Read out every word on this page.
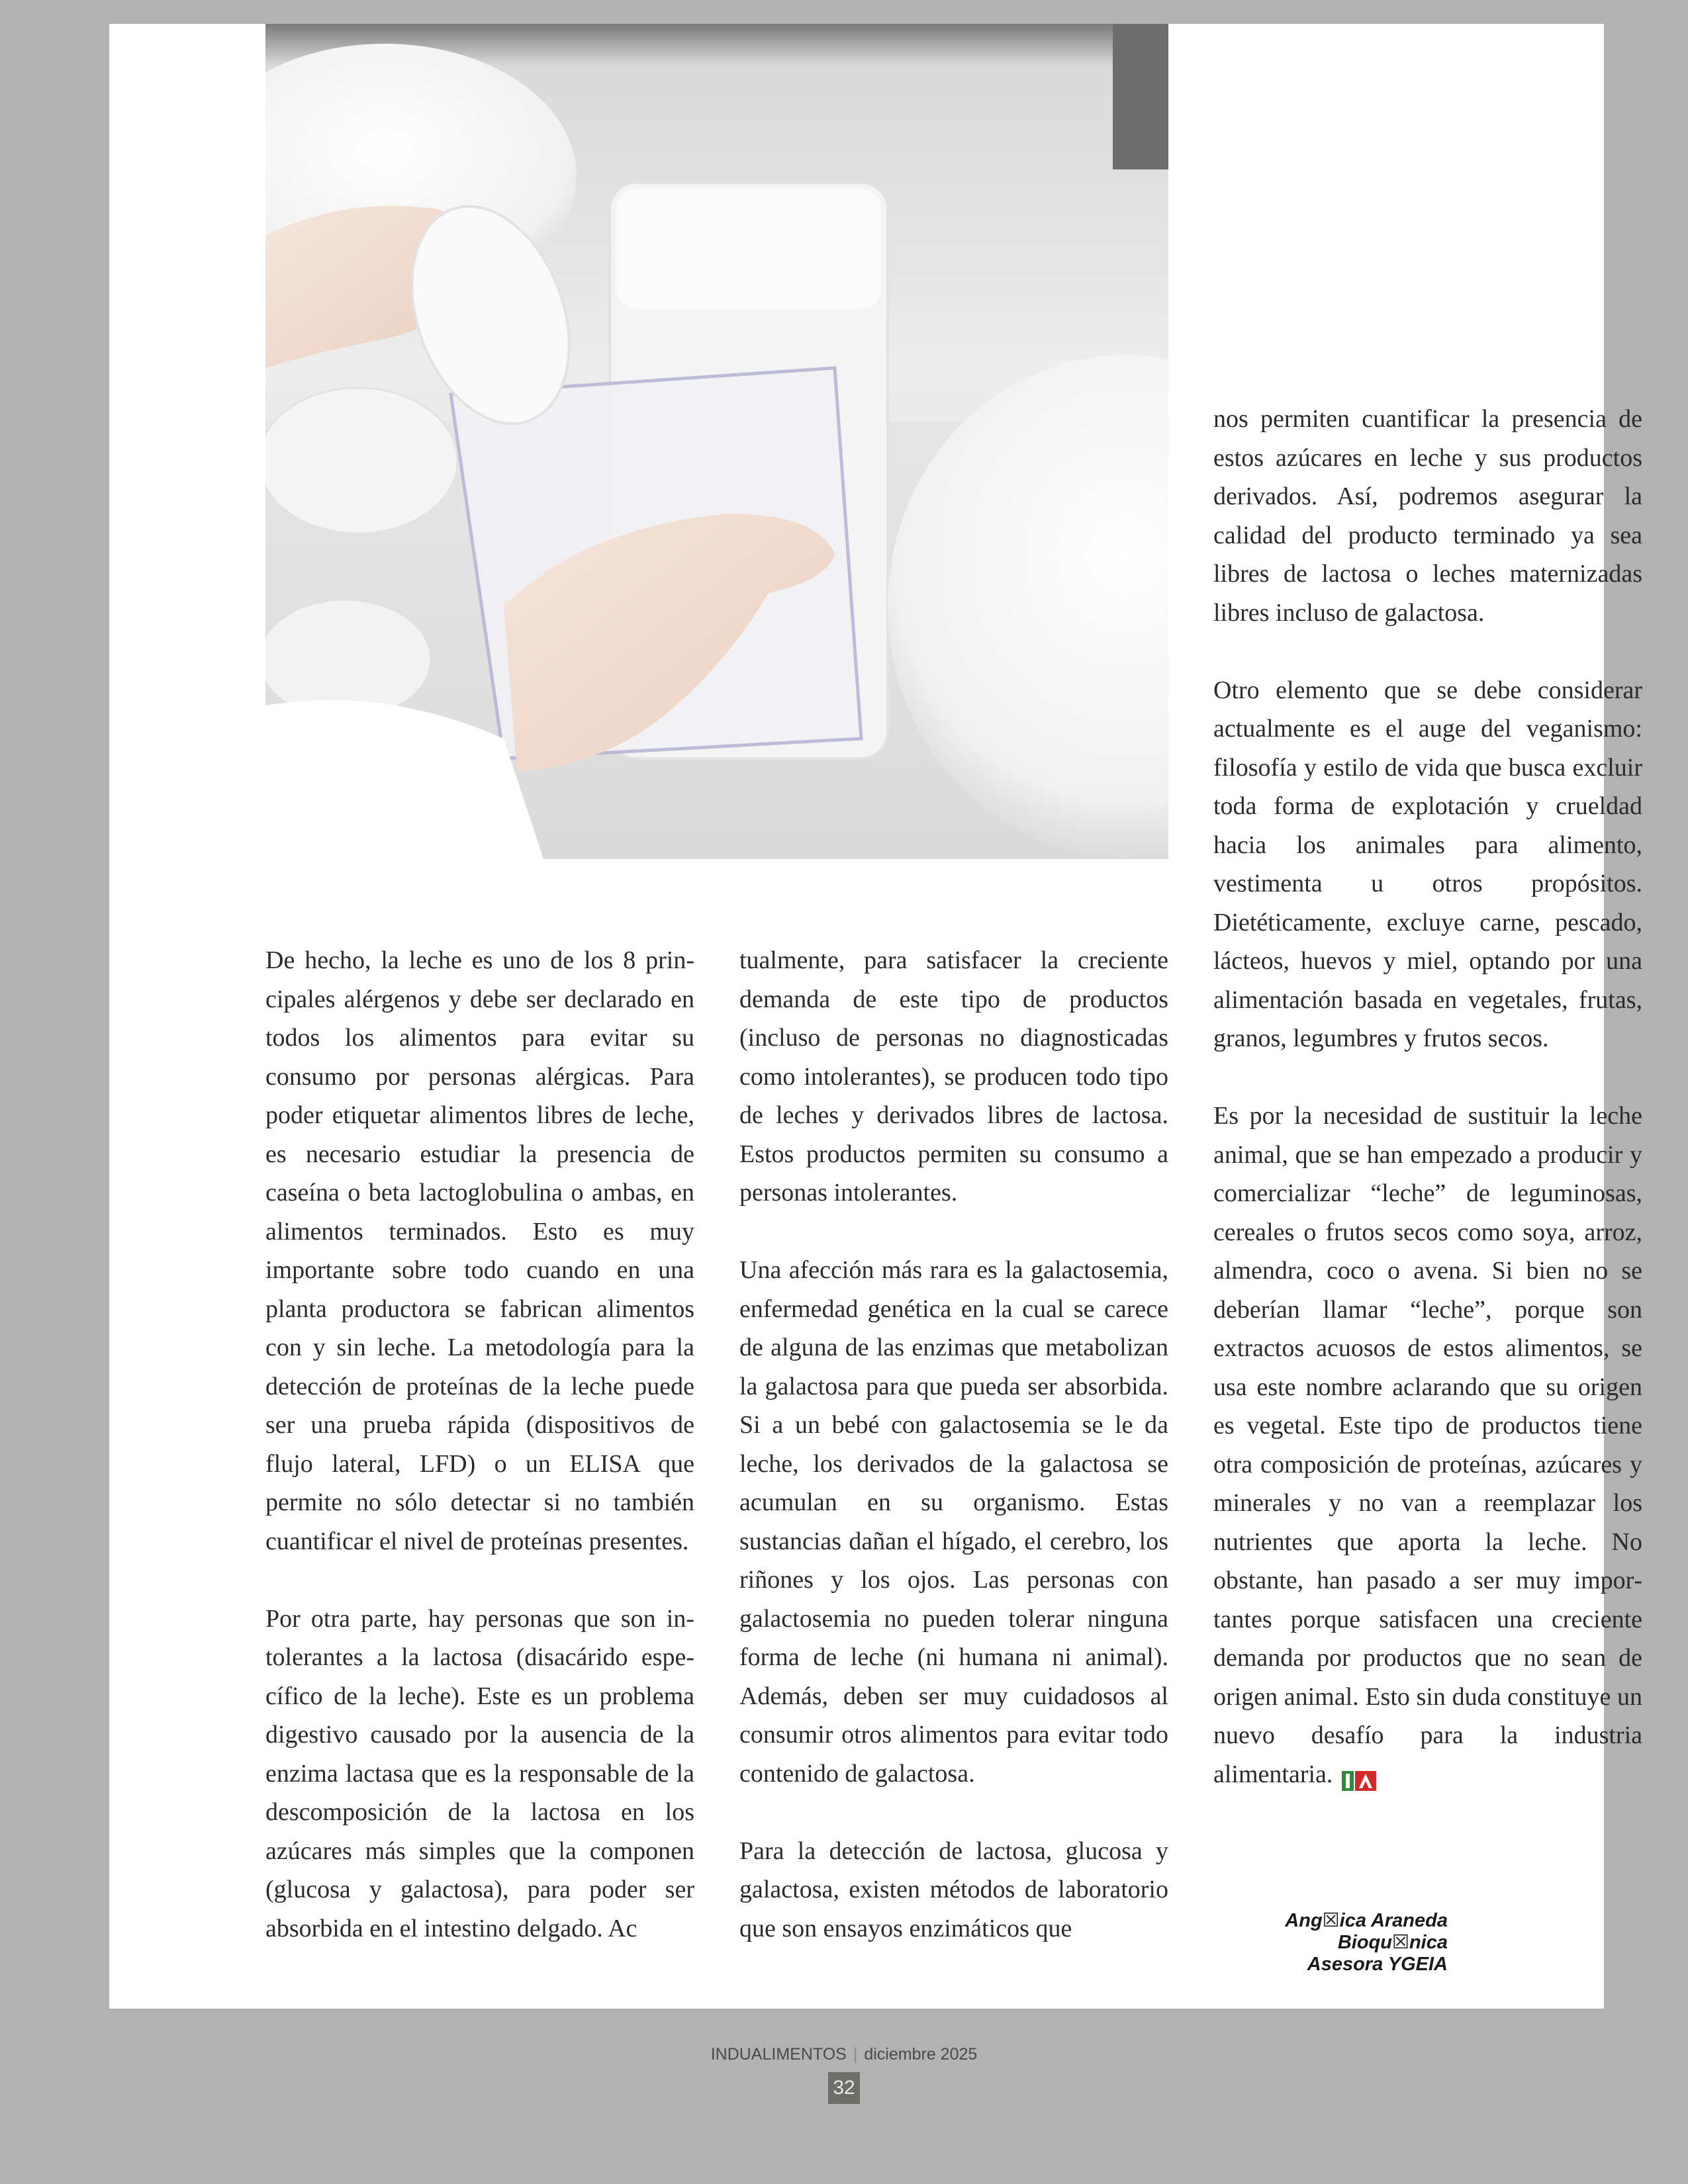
De hecho, la leche es uno de los 8 principales alérgenos y debe ser declarado en todos los alimentos para evitar su consumo por personas alérgicas. Para poder etiquetar alimentos libres de leche, es necesario estudiar la presencia de caseína o beta lactoglobulina o ambas, en alimentos terminados. Esto es muy importante sobre todo cuando en una planta productora se fabrican alimentos con y sin leche. La metodología para la detección de proteínas de la leche puede ser una prueba rápida (dispositivos de flujo lateral, LFD) o un ELISA que permite no sólo detectar si no también cuantificar el nivel de proteínas presentes.

Por otra parte, hay personas que son intolerantes a la lactosa (disacárido específico de la leche). Este es un problema digestivo causado por la ausencia de la enzima lactasa que es la responsable de la descomposición de la lactosa en los azúcares más simples que la componen (glucosa y galactosa), para poder ser absorbida en el intestino delgado. Ac

tualmente, para satisfacer la creciente demanda de este tipo de productos (incluso de personas no diagnosticadas como intolerantes), se producen todo tipo de leches y derivados libres de lactosa. Estos productos permiten su consumo a personas intolerantes.

Una afección más rara es la galactosemia, enfermedad genética en la cual se carece de alguna de las enzimas que metabolizan la galactosa para que pueda ser absorbida. Si a un bebé con galactosemia se le da leche, los derivados de la galactosa se acumulan en su organismo. Estas sustancias dañan el hígado, el cerebro, los riñones y los ojos. Las personas con galactosemia no pueden tolerar ninguna forma de leche (ni humana ni animal). Además, deben ser muy cuidadosos al consumir otros alimentos para evitar todo contenido de galactosa.

Para la detección de lactosa, glucosa y galactosa, existen métodos de laboratorio que son ensayos enzimáticos que

nos permiten cuantificar la presencia de estos azúcares en leche y sus productos derivados. Así, podremos asegurar la calidad del producto terminado ya sea libres de lactosa o leches maternizadas libres incluso de galactosa.

Otro elemento que se debe considerar actualmente es el auge del veganismo: filosofía y estilo de vida que busca excluir toda forma de explotación y crueldad hacia los animales para alimento, vestimenta u otros propósitos. Dietéticamente, excluye carne, pescado, lácteos, huevos y miel, optando por una alimentación basada en vegetales, frutas, granos, legumbres y frutos secos.

Es por la necesidad de sustituir la leche animal, que se han empezado a producir y comercializar “leche” de leguminosas, cereales o frutos secos como soya, arroz, almendra, coco o avena. Si bien no se deberían llamar “leche”, porque son extractos acuosos de estos alimentos, se usa este nombre aclarando que su origen es vegetal. Este tipo de productos tiene otra composición de proteínas, azúcares y minerales y no van a reemplazar los nutrientes que aporta la leche. No obstante, han pasado a ser muy importantes porque satisfacen una creciente demanda por productos que no sean de origen animal. Esto sin duda constituye un nuevo desafío para la industria alimentaria.

Ang☒ica Araneda
Bioqu☒nica
Asesora YGEIA
INDUALIMENTOS | diciembre 2025
32
